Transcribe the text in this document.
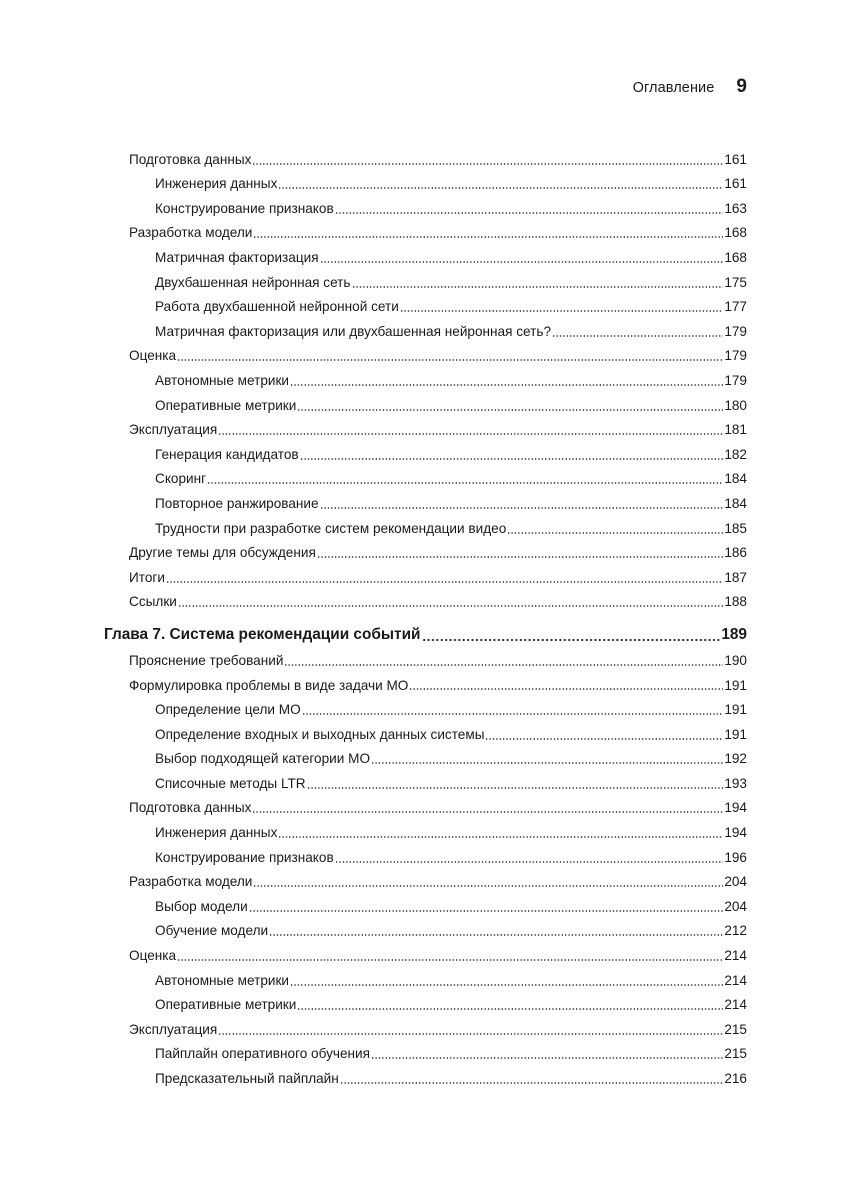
Оглавление 9
Подготовка данных	161
Инженерия данных	161
Конструирование признаков	163
Разработка модели	168
Матричная факторизация	168
Двухбашенная нейронная сеть	175
Работа двухбашенной нейронной сети	177
Матричная факторизация или двухбашенная нейронная сеть?	179
Оценка	179
Автономные метрики	179
Оперативные метрики	180
Эксплуатация	181
Генерация кандидатов	182
Скоринг	184
Повторное ранжирование	184
Трудности при разработке систем рекомендации видео	185
Другие темы для обсуждения	186
Итоги	187
Ссылки	188
Глава 7. Система рекомендации событий	189
Прояснение требований	190
Формулировка проблемы в виде задачи МО	191
Определение цели МО	191
Определение входных и выходных данных системы	191
Выбор подходящей категории МО	192
Списочные методы LTR	193
Подготовка данных	194
Инженерия данных	194
Конструирование признаков	196
Разработка модели	204
Выбор модели	204
Обучение модели	212
Оценка	214
Автономные метрики	214
Оперативные метрики	214
Эксплуатация	215
Пайплайн оперативного обучения	215
Предсказательный пайплайн	216
